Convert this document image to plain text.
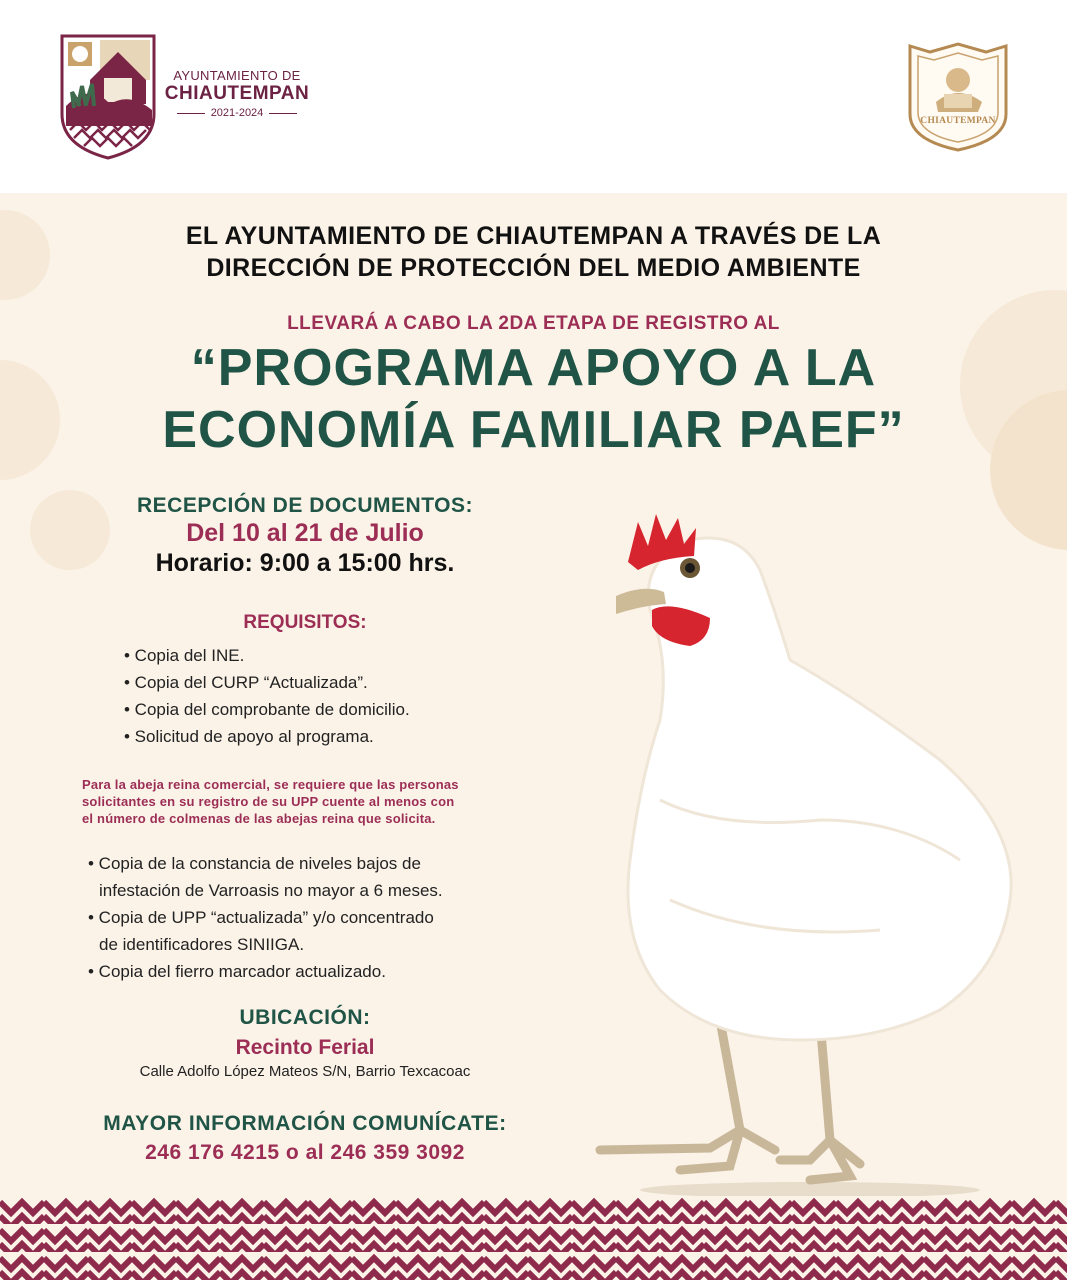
AYUNTAMIENTO DE
CHIAUTEMPAN
2021-2024
CHIAUTEMPAN
EL AYUNTAMIENTO DE CHIAUTEMPAN A TRAVÉS DE LA
DIRECCIÓN DE PROTECCIÓN DEL MEDIO AMBIENTE
LLEVARÁ A CABO LA 2DA ETAPA DE REGISTRO AL
“PROGRAMA APOYO A LA
ECONOMÍA FAMILIAR PAEF”
RECEPCIÓN DE DOCUMENTOS:
Del 10 al 21 de Julio
Horario: 9:00 a 15:00 hrs.
REQUISITOS:
• Copia del INE.
• Copia del CURP “Actualizada”.
• Copia del comprobante de domicilio.
• Solicitud de apoyo al programa.
Para la abeja reina comercial, se requiere que las personas
solicitantes en su registro de su UPP cuente al menos con
el número de colmenas de las abejas reina que solicita.
• Copia de la constancia de niveles bajos de
infestación de Varroasis no mayor a 6 meses.
• Copia de UPP “actualizada” y/o concentrado
de identificadores SINIIGA.
• Copia del fierro marcador actualizado.
UBICACIÓN:
Recinto Ferial
Calle Adolfo López Mateos S/N, Barrio Texcacoac
MAYOR INFORMACIÓN COMUNÍCATE:
246 176 4215 o al 246 359 3092
